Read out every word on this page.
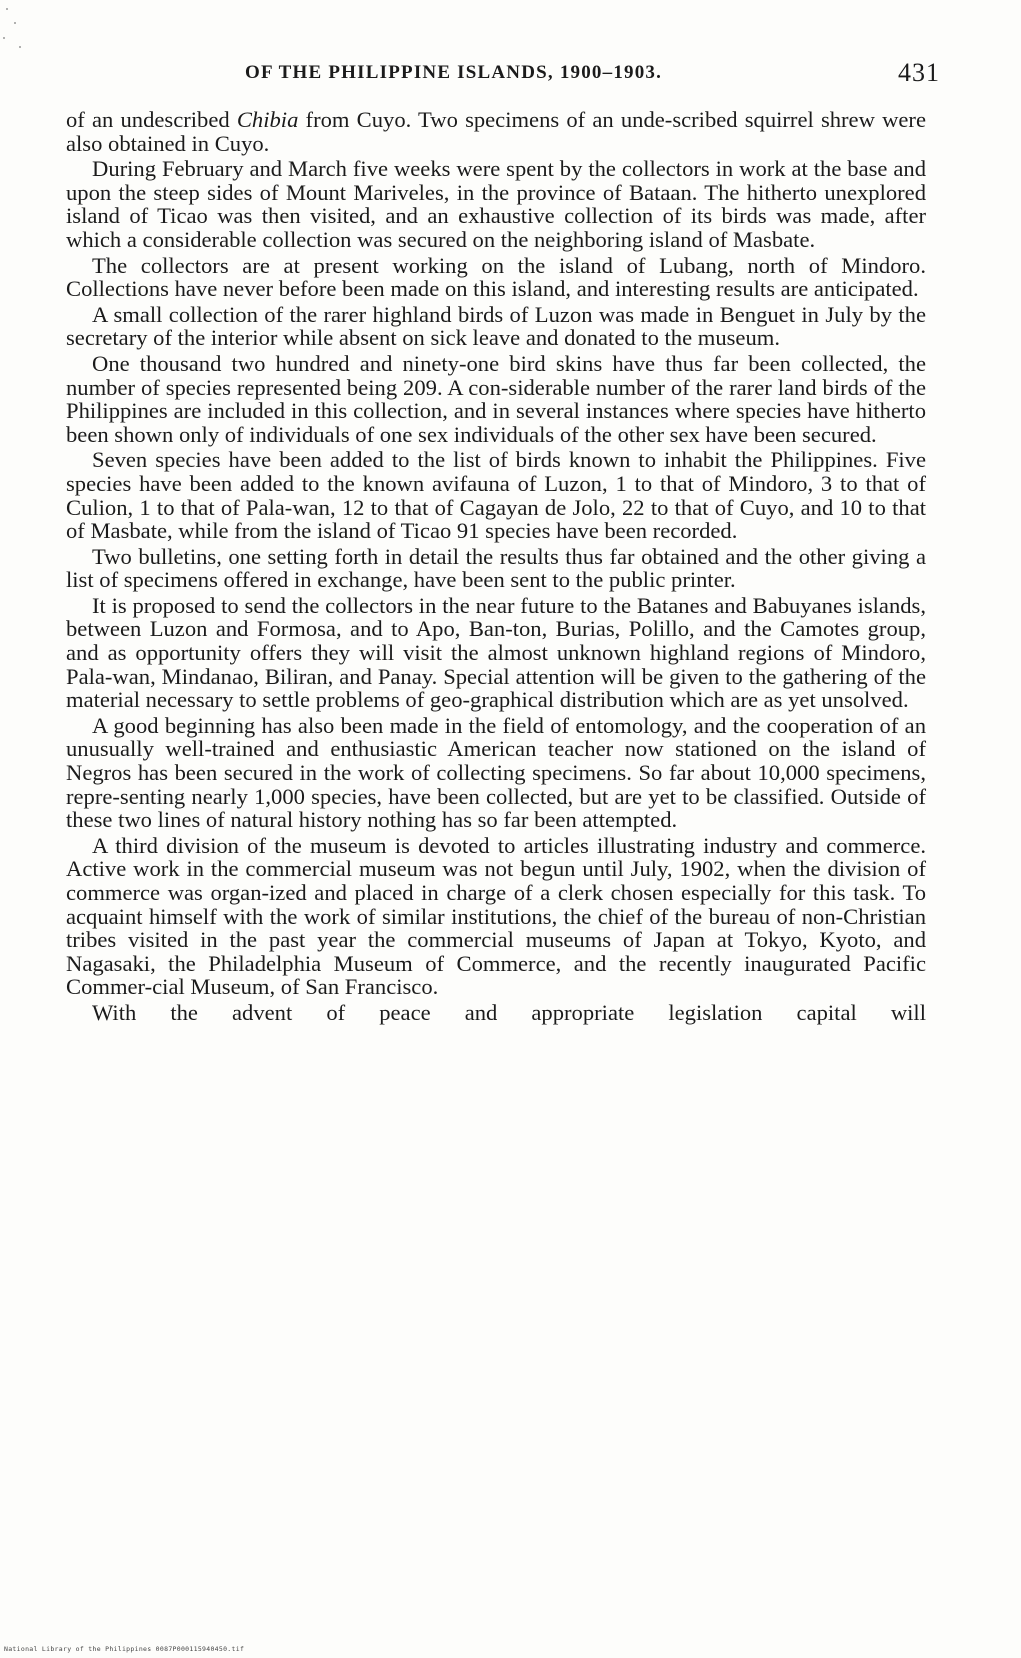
OF THE PHILIPPINE ISLANDS, 1900–1903.	431

of an undescribed Chibia from Cuyo. Two specimens of an unde-scribed squirrel shrew were also obtained in Cuyo.

During February and March five weeks were spent by the collectors in work at the base and upon the steep sides of Mount Mariveles, in the province of Bataan. The hitherto unexplored island of Ticao was then visited, and an exhaustive collection of its birds was made, after which a considerable collection was secured on the neighboring island of Masbate.

The collectors are at present working on the island of Lubang, north of Mindoro. Collections have never before been made on this island, and interesting results are anticipated.

A small collection of the rarer highland birds of Luzon was made in Benguet in July by the secretary of the interior while absent on sick leave and donated to the museum.

One thousand two hundred and ninety-one bird skins have thus far been collected, the number of species represented being 209. A con-siderable number of the rarer land birds of the Philippines are included in this collection, and in several instances where species have hitherto been shown only of individuals of one sex individuals of the other sex have been secured.

Seven species have been added to the list of birds known to inhabit the Philippines. Five species have been added to the known avifauna of Luzon, 1 to that of Mindoro, 3 to that of Culion, 1 to that of Pala-wan, 12 to that of Cagayan de Jolo, 22 to that of Cuyo, and 10 to that of Masbate, while from the island of Ticao 91 species have been recorded.

Two bulletins, one setting forth in detail the results thus far obtained and the other giving a list of specimens offered in exchange, have been sent to the public printer.

It is proposed to send the collectors in the near future to the Batanes and Babuyanes islands, between Luzon and Formosa, and to Apo, Ban-ton, Burias, Polillo, and the Camotes group, and as opportunity offers they will visit the almost unknown highland regions of Mindoro, Pala-wan, Mindanao, Biliran, and Panay. Special attention will be given to the gathering of the material necessary to settle problems of geo-graphical distribution which are as yet unsolved.

A good beginning has also been made in the field of entomology, and the cooperation of an unusually well-trained and enthusiastic American teacher now stationed on the island of Negros has been secured in the work of collecting specimens. So far about 10,000 specimens, repre-senting nearly 1,000 species, have been collected, but are yet to be classified. Outside of these two lines of natural history nothing has so far been attempted.

A third division of the museum is devoted to articles illustrating industry and commerce. Active work in the commercial museum was not begun until July, 1902, when the division of commerce was organ-ized and placed in charge of a clerk chosen especially for this task. To acquaint himself with the work of similar institutions, the chief of the bureau of non-Christian tribes visited in the past year the commercial museums of Japan at Tokyo, Kyoto, and Nagasaki, the Philadelphia Museum of Commerce, and the recently inaugurated Pacific Commer-cial Museum, of San Francisco.

With the advent of peace and appropriate legislation capital will

National Library of the Philippines 0087P000115940450.tif
